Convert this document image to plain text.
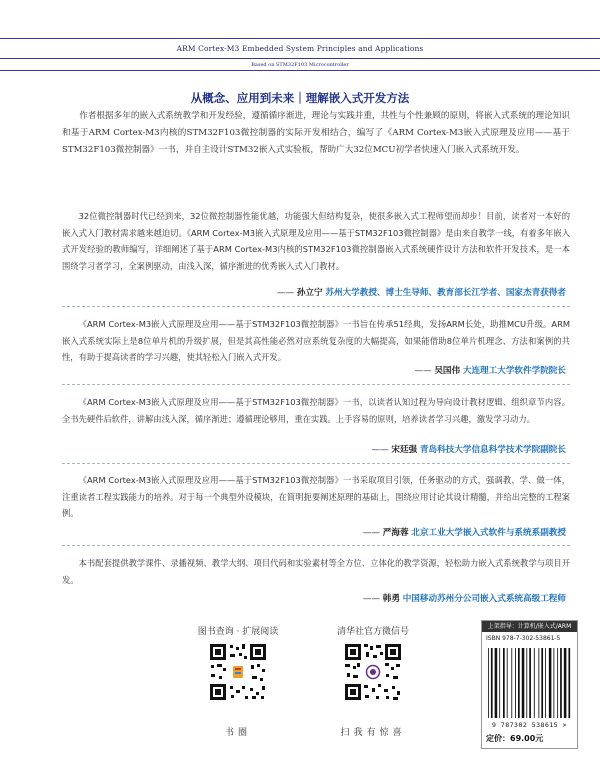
ARM Cortex-M3 Embedded System Principles and Applications
Based on STM32F103 Microcontroller
从概念、应用到未来｜理解嵌入式开发方法

作者根据多年的嵌入式系统教学和开发经验，遵循循序渐进，理论与实践并重，共性与个性兼顾的原则，将嵌入式系统的理论知识和基于ARM Cortex-M3内核的STM32F103微控制器的实际开发相结合，编写了《ARM Cortex-M3嵌入式原理及应用——基于STM32F103微控制器》一书，并自主设计STM32嵌入式实验板，帮助广大32位MCU初学者快速入门嵌入式系统开发。

32位微控制器时代已经到来，32位微控制器性能优越，功能强大但结构复杂，使很多嵌入式工程师望而却步！目前，读者对一本好的嵌入式入门教材需求越来越迫切。《ARM Cortex-M3嵌入式原理及应用——基于STM32F103微控制器》是由来自教学一线，有着多年嵌入式开发经验的教师编写，详细阐述了基于ARM Cortex-M3内核的STM32F103微控制器嵌入式系统硬件设计方法和软件开发技术，是一本围绕学习者学习，全案例驱动，由浅入深，循序渐进的优秀嵌入式入门教材。

—— 孙立宁 苏州大学教授、博士生导师、教育部长江学者、国家杰青获得者

《ARM Cortex-M3嵌入式原理及应用——基于STM32F103微控制器》一书旨在传承51经典，发扬ARM长处，助推MCU升级。ARM嵌入式系统实际上是8位单片机的升级扩展，但是其高性能必然对应系统复杂度的大幅提高，如果能借助8位单片机理念、方法和案例的共性，有助于提高读者的学习兴趣，使其轻松入门嵌入式开发。

—— 吴国伟 大连理工大学软件学院院长

《ARM Cortex-M3嵌入式原理及应用——基于STM32F103微控制器》一书，以读者认知过程为导向设计教材逻辑、组织章节内容。全书先硬件后软件，讲解由浅入深，循序渐进；遵循理论够用，重在实践。上手容易的原则，培养读者学习兴趣，激发学习动力。

—— 宋廷强 青岛科技大学信息科学技术学院副院长

《ARM Cortex-M3嵌入式原理及应用——基于STM32F103微控制器》一书采取项目引领，任务驱动的方式，强调教、学、做一体，注重读者工程实践能力的培养。对于每一个典型外设模块，在简明扼要阐述原理的基础上，围绕应用讨论其设计精髓，并给出完整的工程案例。

—— 严海蓉 北京工业大学嵌入式软件与系统系副教授

本书配套提供教学课件、录播视频、教学大纲、项目代码和实验素材等全方位、立体化的教学资源，轻松助力嵌入式系统教学与项目开发。

—— 韩勇 中国移动苏州分公司嵌入式系统高级工程师
图书查询 · 扩展阅读
书圈
清华社官方微信号
扫我有惊喜
上架指导：计算机/嵌入式/ARM
ISBN 978-7-302-53861-5
9 787302 538615 >
定价：69.00元
